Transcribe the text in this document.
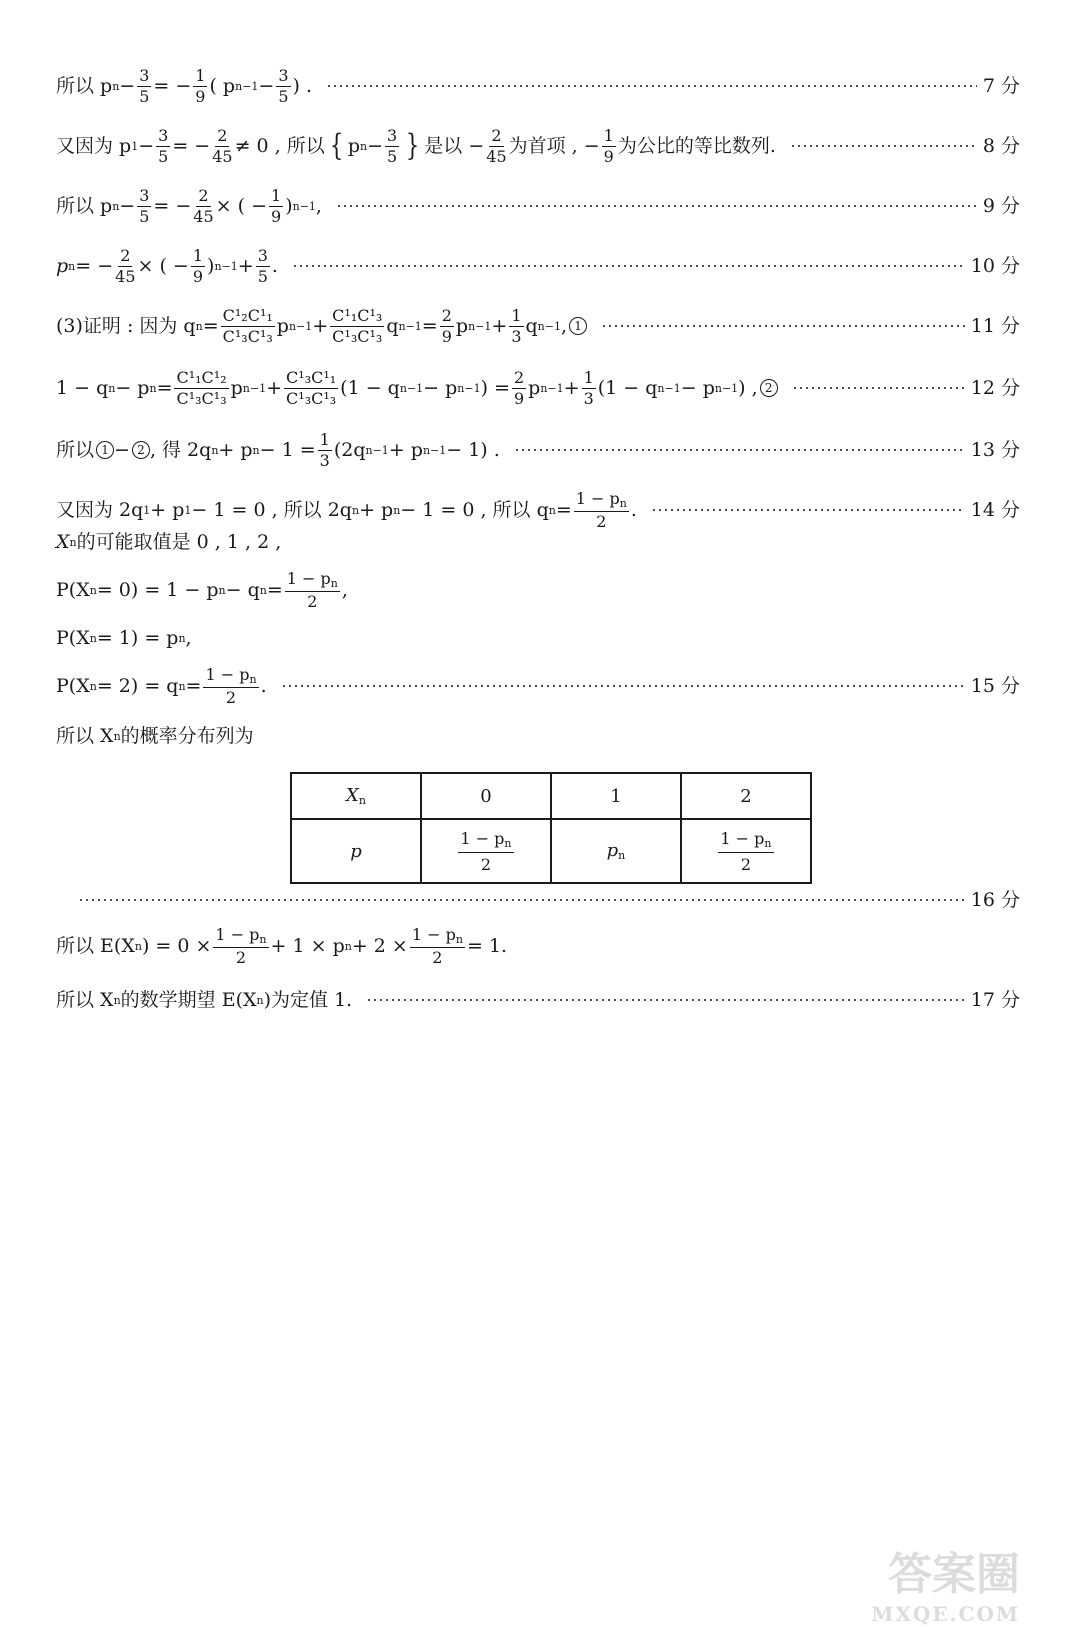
所以 p $n - \frac{3}{5}$ = − $\frac{1}{9}$ ( p $n-1 - \frac{3}{5}$ ) .	7 分
又因为 p $1 - \frac{3}{5}$ = − $\frac{2}{45} \ne 0$ , 所以 { p $n - \frac{3}{5}$ } 是以 − $\frac{2}{45}$ 为首项 , − $\frac{1}{9}$ 为公比的等比数列.	8 分
所以 p $n - \frac{3}{5}$ = − $\frac{2}{45}$ × ( − $\frac{1}{9}$ ) n−1 ,	9 分
p n = − $\frac{2}{45}$ × ( − $\frac{1}{9}$ ) $n-1 + \frac{3}{5}$ .	10 分
(3)证明 : 因为 q $n = \frac{\text{C¹₂C¹₁}}{\text{C¹₃C¹₃}}$ p $n-1 + \frac{\text{C¹₁C¹₃}}{\text{C¹₃C¹₃}}$ q $n-1 = \frac{2}{9}$ p $n-1 + \frac{1}{3}$ q n−1 , 1	11 分
1 − q n − p $n = \frac{\text{C¹₁C¹₂}}{\text{C¹₃C¹₃}}$ p $n-1 + \frac{\text{C¹₃C¹₁}}{\text{C¹₃C¹₃}} (1 - q$ n−1 − p n−1 ) = $\frac{2}{9}$ p $n-1 + \frac{1}{3} (1 - q$ n−1 − p n−1 ) , 2	12 分
所以 1 − 2 , 得 2q n + p $n - 1 = \frac{1}{3} (2q$ n−1 + p n−1 − 1) .	13 分
又因为 2q 1 + p 1 − 1 = 0 , 所以 2q n + p n − 1 = 0 , 所以 q $n = \frac{1 - p_n}{2}$ .	14 分
X n 的可能取值是 0 , 1 , 2 ,
P(X n = 0) = 1 − p n − q $n = \frac{1 - p_n}{2}$ ,
P(X n = 1) = p n ,
P(X n = 2) = q $n = \frac{1 - p_n}{2}$ .	15 分
所以 X n 的概率分布列为
$X_n$	0	1	2
p	$\frac{1 - p_n}{2}$	$p_n$	$\frac{1 - p_n}{2}$
16 分
所以 E(X n ) = $0 \times \frac{1 - p_n}{2} + 1 \times p$ $n + 2 \times \frac{1 - p_n}{2} = 1$.
所以 X n 的数学期望 E(X n )为定值 1.	17 分
答案圈
MXQE.COM
